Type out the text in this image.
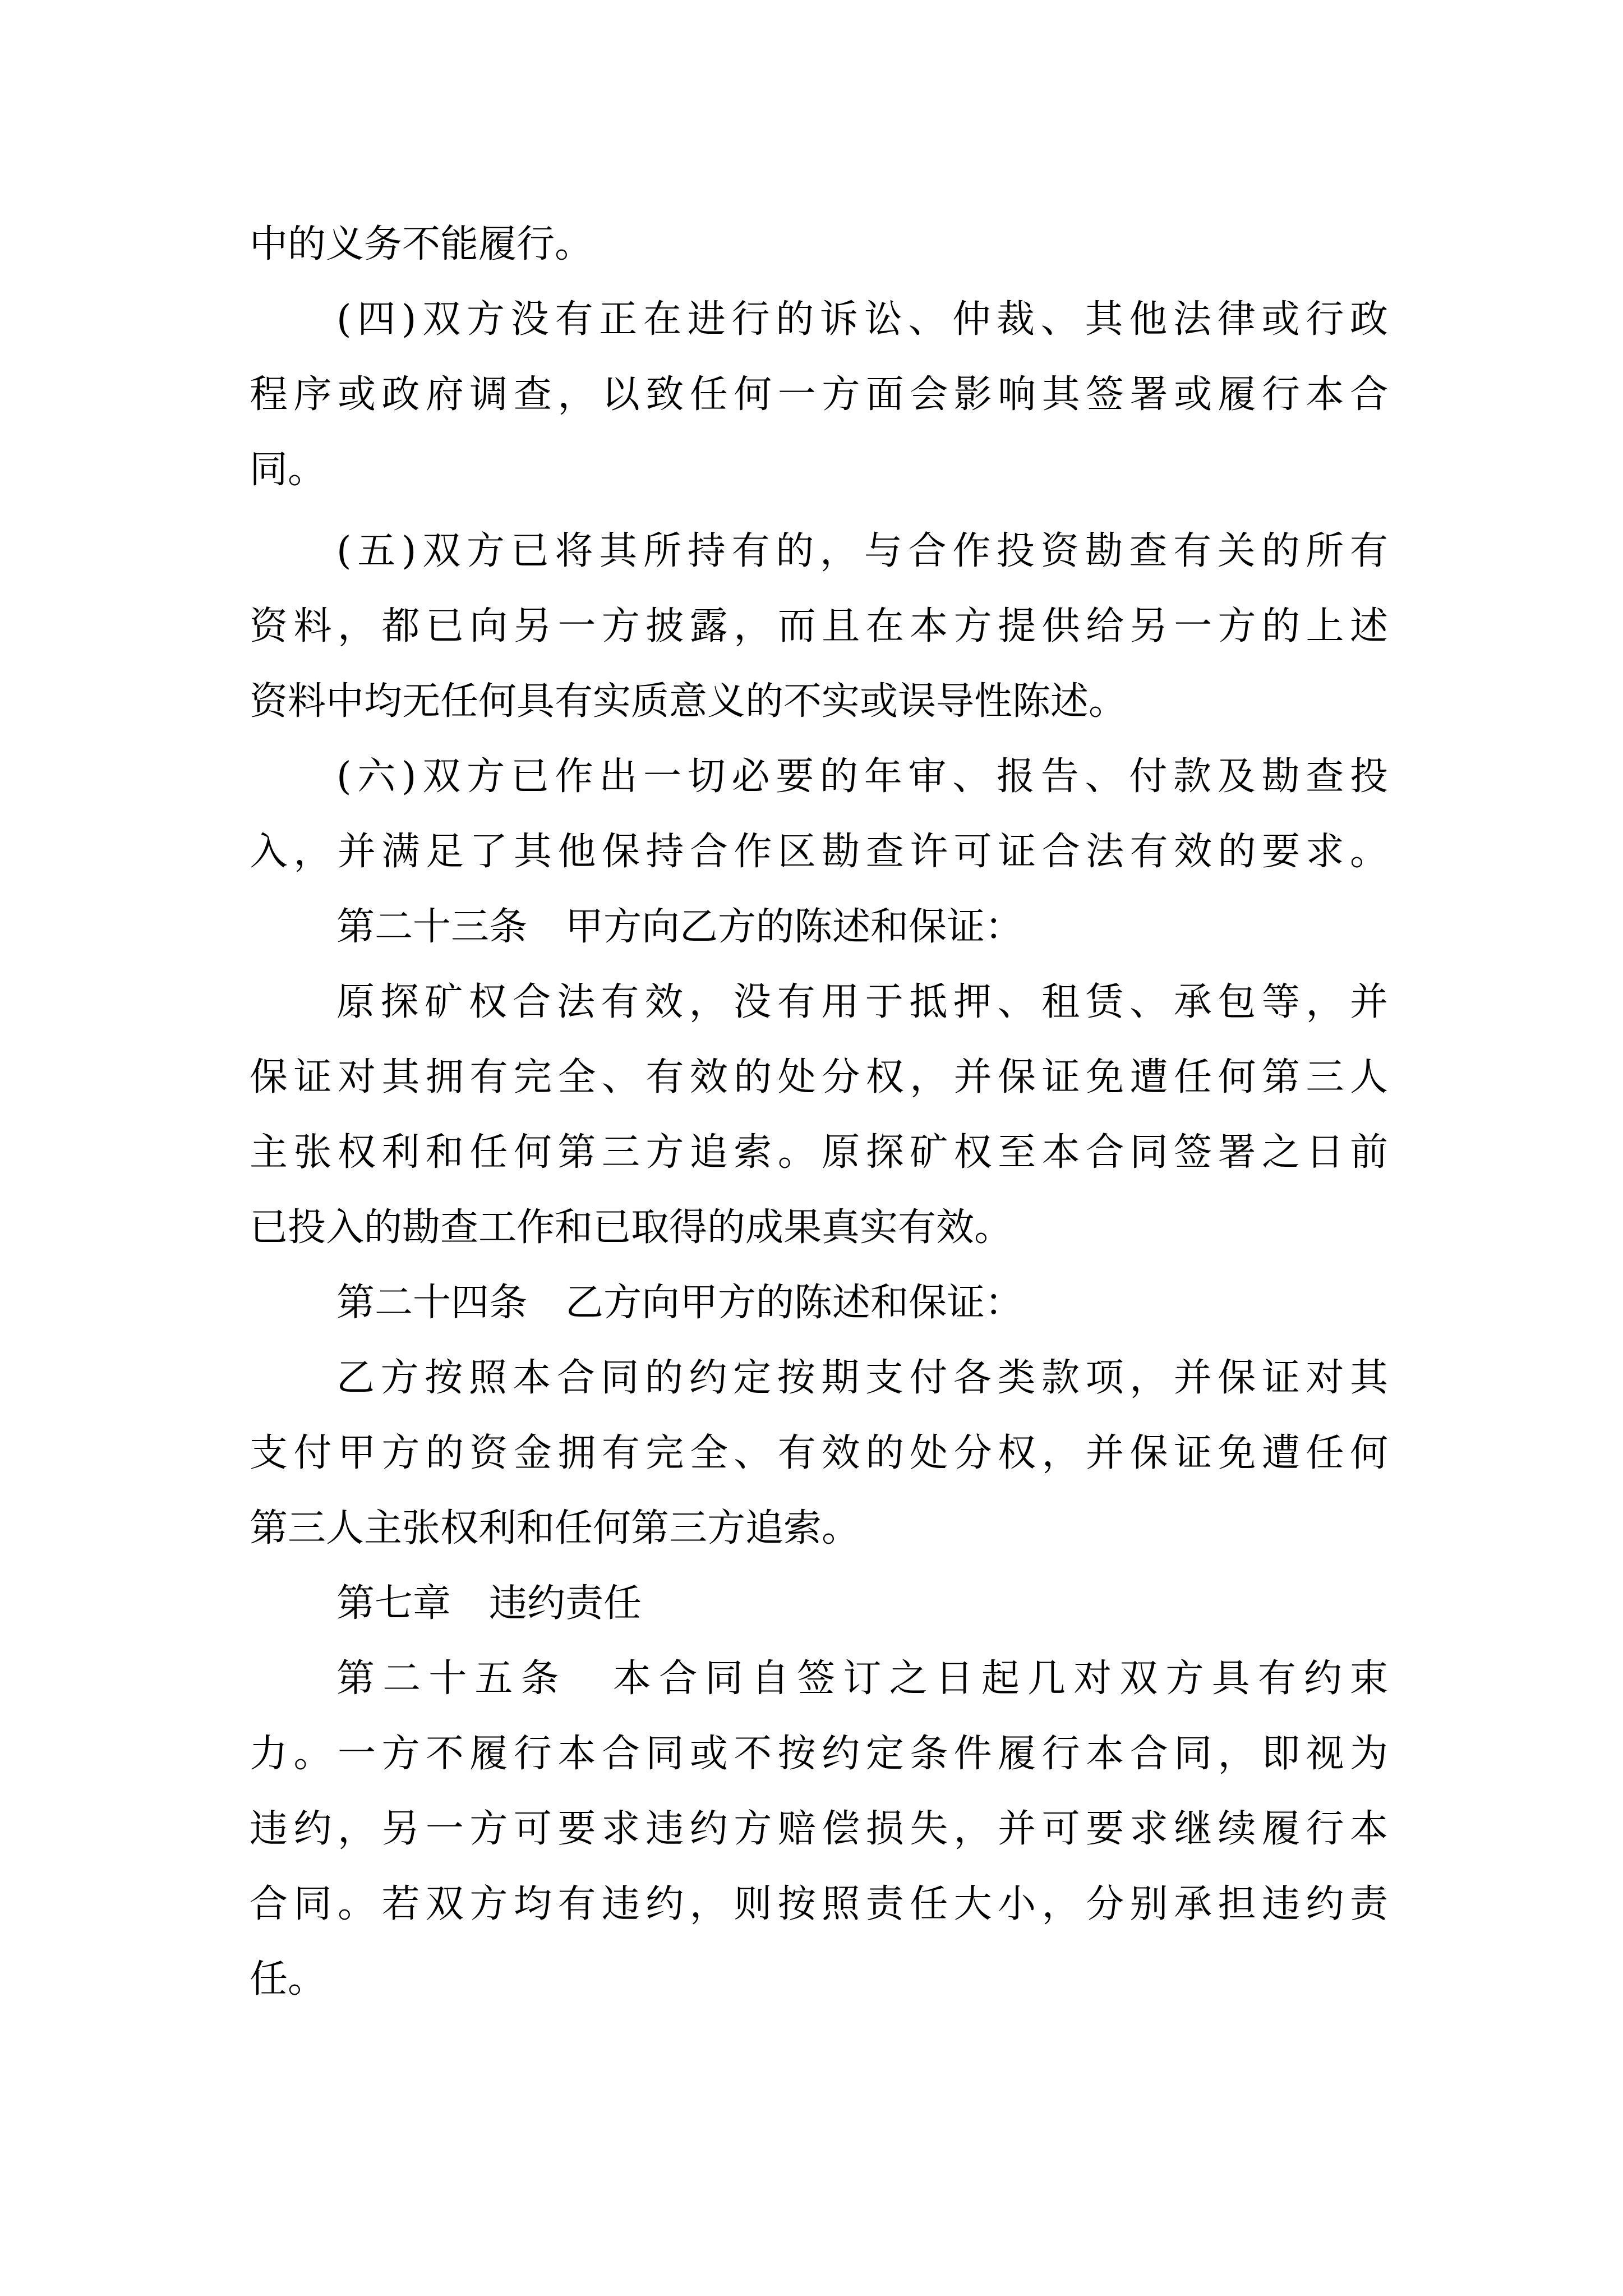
中的义务不能履行。

(四)双方没有正在进行的诉讼、仲裁、其他法律或行政

程序或政府调查，以致任何一方面会影响其签署或履行本合

同。

(五)双方已将其所持有的，与合作投资勘查有关的所有

资料，都已向另一方披露，而且在本方提供给另一方的上述

资料中均无任何具有实质意义的不实或误导性陈述。

(六)双方已作出一切必要的年审、报告、付款及勘查投

入，并满足了其他保持合作区勘查许可证合法有效的要求。

第二十三条　甲方向乙方的陈述和保证：

原探矿权合法有效，没有用于抵押、租赁、承包等，并

保证对其拥有完全、有效的处分权，并保证免遭任何第三人

主张权利和任何第三方追索。原探矿权至本合同签署之日前

已投入的勘查工作和已取得的成果真实有效。

第二十四条　乙方向甲方的陈述和保证：

乙方按照本合同的约定按期支付各类款项，并保证对其

支付甲方的资金拥有完全、有效的处分权，并保证免遭任何

第三人主张权利和任何第三方追索。

第七章　违约责任

第二十五条　本合同自签订之日起几对双方具有约束

力。一方不履行本合同或不按约定条件履行本合同，即视为

违约，另一方可要求违约方赔偿损失，并可要求继续履行本

合同。若双方均有违约，则按照责任大小，分别承担违约责

任。
